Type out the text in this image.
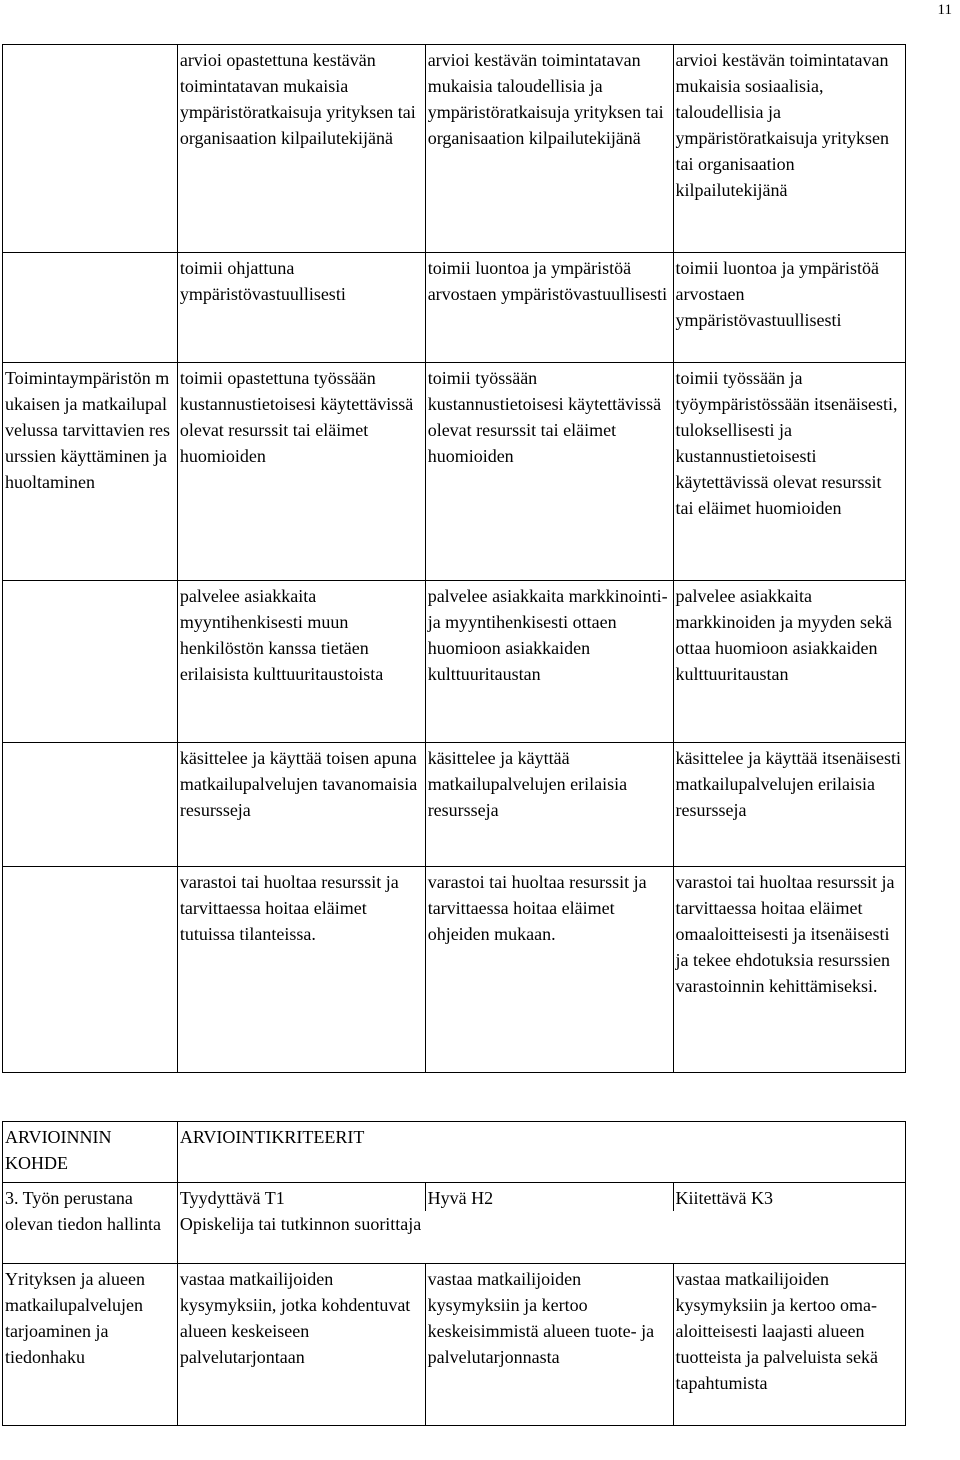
11
	arvioi opastettuna kestävän toimintatavan mukaisia ympäristöratkaisuja yrityksen tai organisaation kilpailutekijänä	arvioi kestävän toimintatavan mukaisia taloudellisia ja ympäristöratkaisuja yrityksen tai organisaation kilpailutekijänä	arvioi kestävän toimintatavan mukaisia sosiaalisia, taloudellisia ja ympäristöratkaisuja yrityksen tai organisaation kilpailutekijänä
	toimii ohjattuna ympäristövastuullisesti	toimii luontoa ja ympäristöä arvostaen ympäristövastuullisesti	toimii luontoa ja ympäristöä arvostaen ympäristövastuullisesti
Toimintaympäristön mukaisen ja matkailupalvelussa tarvittavien resurssien käyttäminen ja huoltaminen	toimii opastettuna työssään kustannustietoisesi käytettävissä olevat resurssit tai eläimet huomioiden	toimii työssään kustannustietoisesi käytettävissä olevat resurssit tai eläimet huomioiden	toimii työssään ja työympäristössään itsenäisesti, tuloksellisesti ja kustannustietoisesti käytettävissä olevat resurssit tai eläimet huomioiden
	palvelee asiakkaita myyntihenkisesti muun henkilöstön kanssa tietäen erilaisista kulttuuritaustoista	palvelee asiakkaita markkinointi- ja myyntihenkisesti ottaen huomioon asiakkaiden kulttuuritaustan	palvelee asiakkaita markkinoiden ja myyden sekä ottaa huomioon asiakkaiden kulttuuritaustan
	käsittelee ja käyttää toisen apuna matkailupalvelujen tavanomaisia resursseja	käsittelee ja käyttää matkailupalvelujen erilaisia resursseja	käsittelee ja käyttää itsenäisesti matkailupalvelujen erilaisia resursseja
	varastoi tai huoltaa resurssit ja tarvittaessa hoitaa eläimet tutuissa tilanteissa.	varastoi tai huoltaa resurssit ja tarvittaessa hoitaa eläimet ohjeiden mukaan.	varastoi tai huoltaa resurssit ja tarvittaessa hoitaa eläimet omaaloitteisesti ja itsenäisesti ja tekee ehdotuksia resurssien varastoinnin kehittämiseksi.
ARVIOINNIN KOHDE	ARVIOINTIKRITEERIT		
3. Työn perustana olevan tiedon hallinta	Tyydyttävä T1	Hyvä H2	Kiitettävä K3
	Opiskelija tai tutkinnon suorittaja		
Yrityksen ja alueen matkailupalvelujen tarjoaminen ja tiedonhaku	vastaa matkailijoiden kysymyksiin, jotka kohdentuvat alueen keskeiseen palvelutarjontaan	vastaa matkailijoiden kysymyksiin ja kertoo keskeisimmistä alueen tuote- ja palvelutarjonnasta	vastaa matkailijoiden kysymyksiin ja kertoo oma- aloitteisesti laajasti alueen tuotteista ja palveluista sekä tapahtumista
